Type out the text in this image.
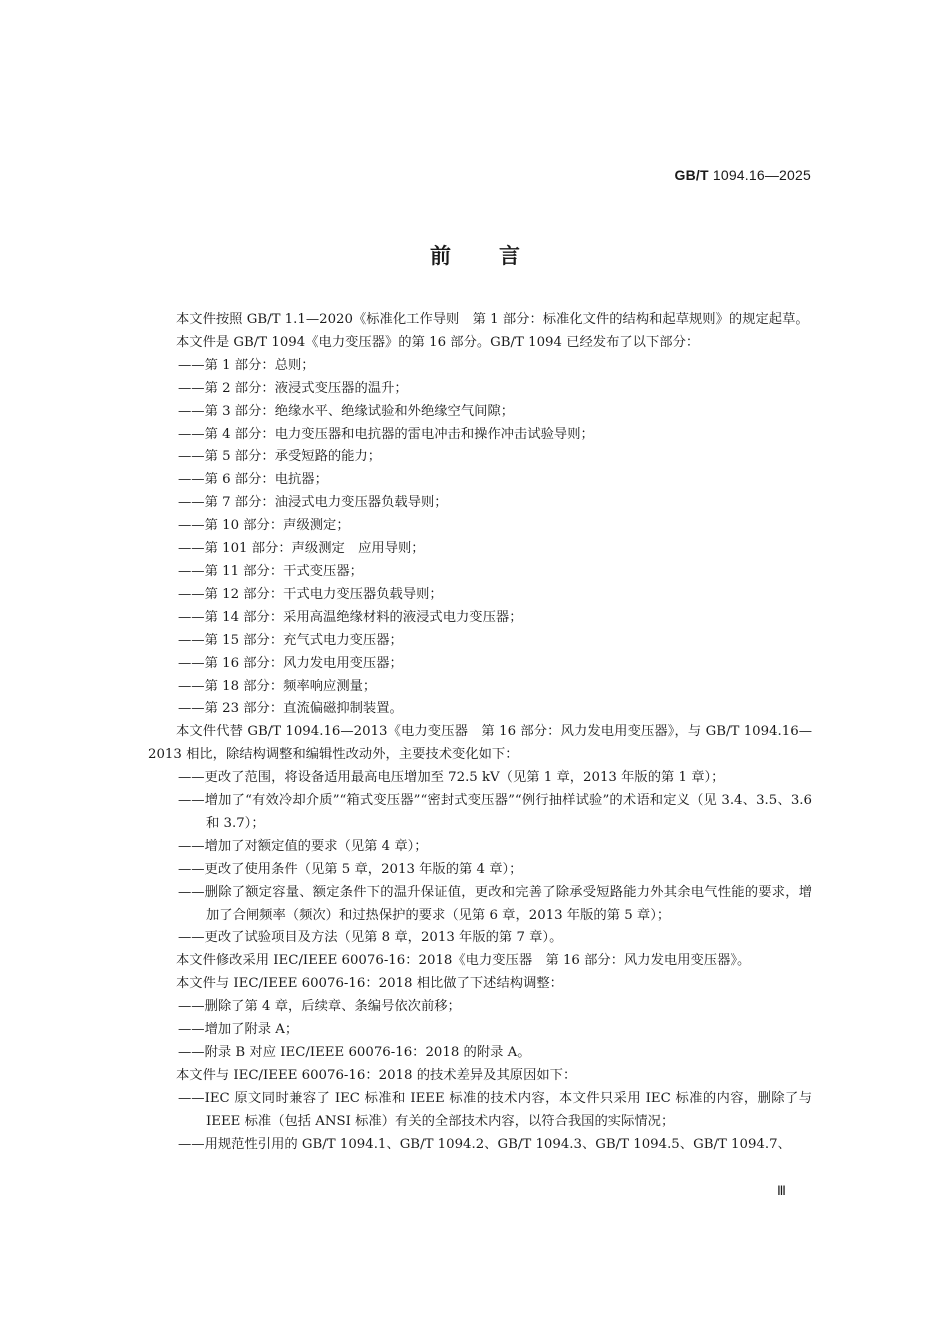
GB/T 1094.16—2025
前言
本文件按照 GB/T 1.1—2020《标准化工作导则　第 1 部分：标准化文件的结构和起草规则》的规定起草。
本文件是 GB/T 1094《电力变压器》的第 16 部分。GB/T 1094 已经发布了以下部分：
——第 1 部分：总则；
——第 2 部分：液浸式变压器的温升；
——第 3 部分：绝缘水平、绝缘试验和外绝缘空气间隙；
——第 4 部分：电力变压器和电抗器的雷电冲击和操作冲击试验导则；
——第 5 部分：承受短路的能力；
——第 6 部分：电抗器；
——第 7 部分：油浸式电力变压器负载导则；
——第 10 部分：声级测定；
——第 101 部分：声级测定　应用导则；
——第 11 部分：干式变压器；
——第 12 部分：干式电力变压器负载导则；
——第 14 部分：采用高温绝缘材料的液浸式电力变压器；
——第 15 部分：充气式电力变压器；
——第 16 部分：风力发电用变压器；
——第 18 部分：频率响应测量；
——第 23 部分：直流偏磁抑制装置。
本文件代替 GB/T 1094.16—2013《电力变压器　第 16 部分：风力发电用变压器》，与 GB/T 1094.16—2013 相比，除结构调整和编辑性改动外，主要技术变化如下：
——更改了范围，将设备适用最高电压增加至 72.5 kV（见第 1 章，2013 年版的第 1 章）；
——增加了“有效冷却介质”“箱式变压器”“密封式变压器”“例行抽样试验”的术语和定义（见 3.4、3.5、3.6 和 3.7）；
——增加了对额定值的要求（见第 4 章）；
——更改了使用条件（见第 5 章，2013 年版的第 4 章）；
——删除了额定容量、额定条件下的温升保证值，更改和完善了除承受短路能力外其余电气性能的要求，增加了合闸频率（频次）和过热保护的要求（见第 6 章，2013 年版的第 5 章）；
——更改了试验项目及方法（见第 8 章，2013 年版的第 7 章）。
本文件修改采用 IEC/IEEE 60076-16：2018《电力变压器　第 16 部分：风力发电用变压器》。
本文件与 IEC/IEEE 60076-16：2018 相比做了下述结构调整：
——删除了第 4 章，后续章、条编号依次前移；
——增加了附录 A；
——附录 B 对应 IEC/IEEE 60076-16：2018 的附录 A。
本文件与 IEC/IEEE 60076-16：2018 的技术差异及其原因如下：
——IEC 原文同时兼容了 IEC 标准和 IEEE 标准的技术内容，本文件只采用 IEC 标准的内容，删除了与 IEEE 标准（包括 ANSI 标准）有关的全部技术内容，以符合我国的实际情况；
——用规范性引用的 GB/T 1094.1、GB/T 1094.2、GB/T 1094.3、GB/T 1094.5、GB/T 1094.7、
Ⅲ
